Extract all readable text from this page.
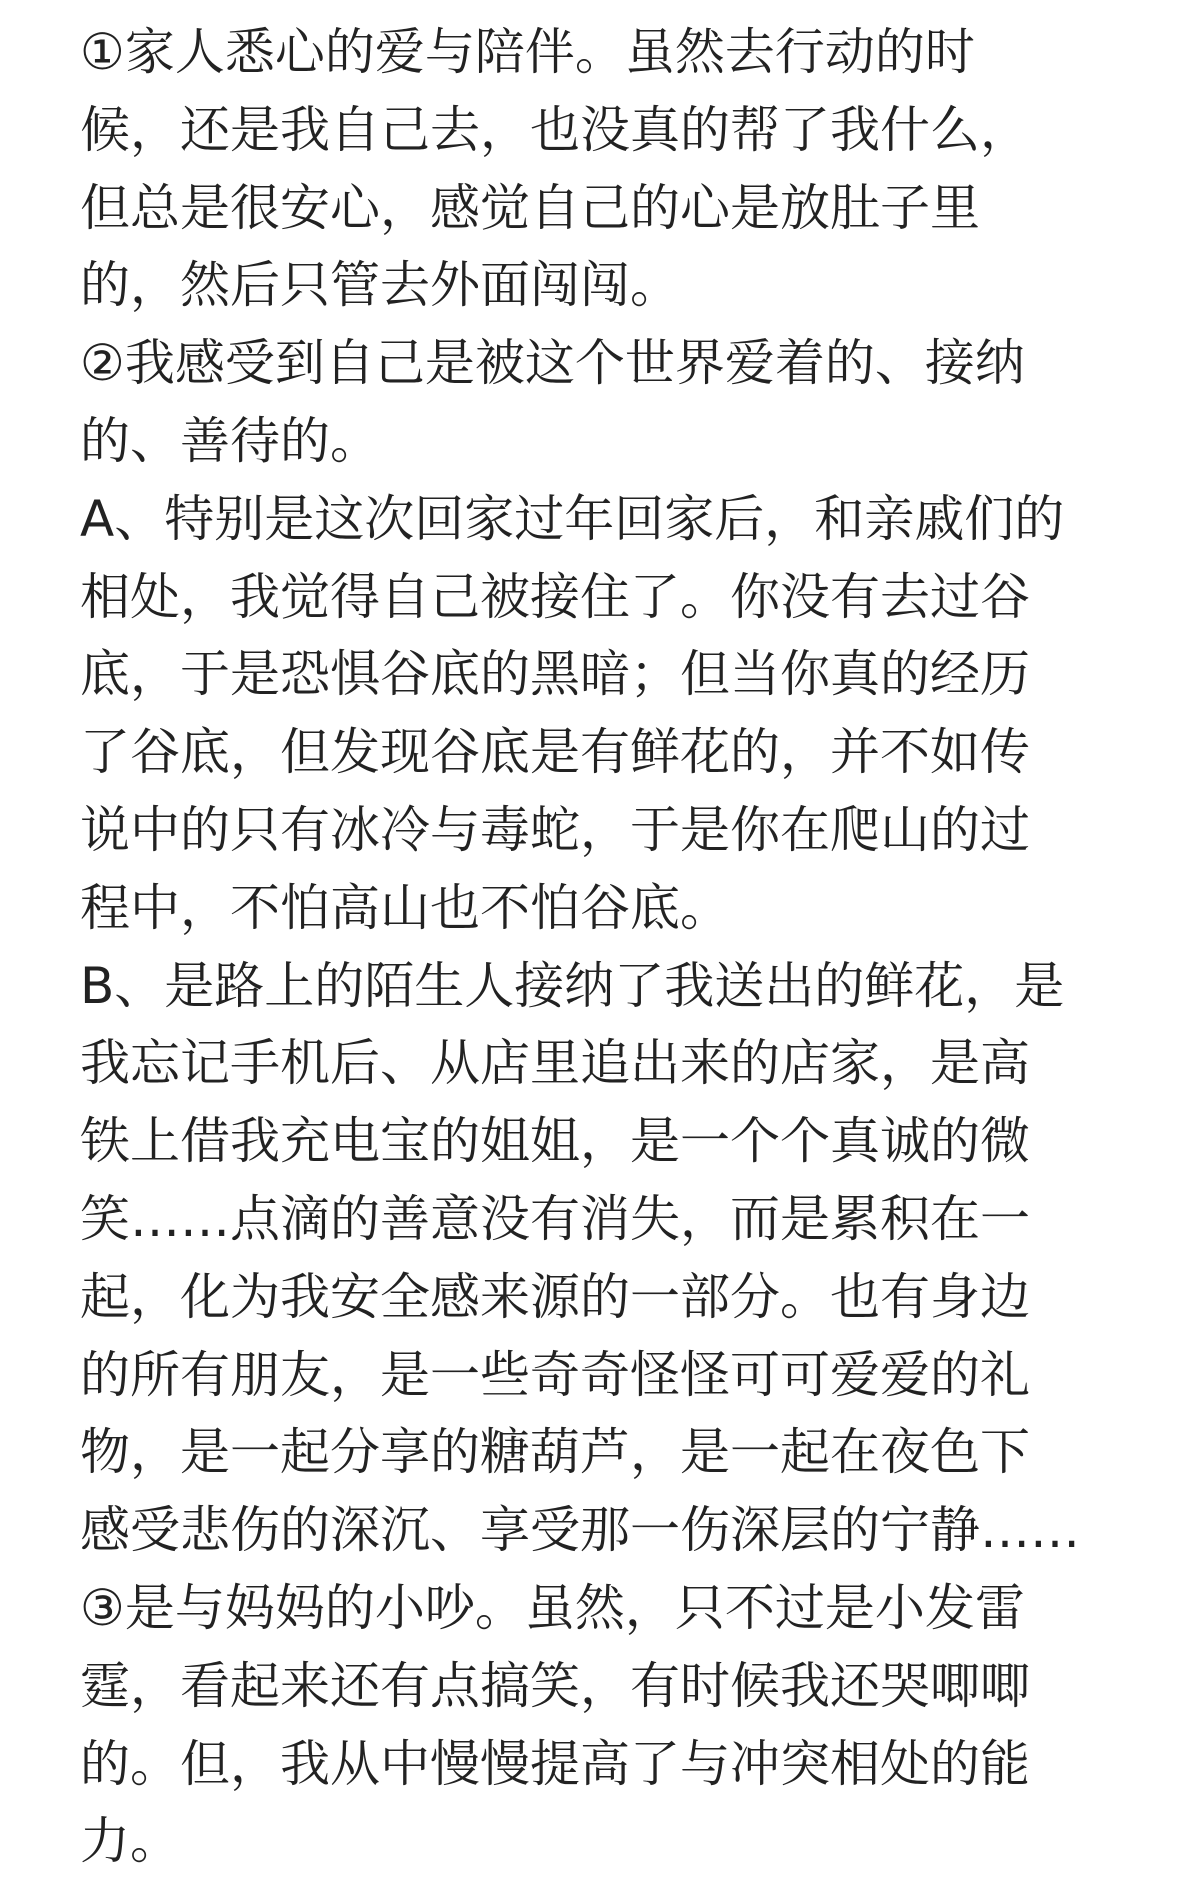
①家人悉心的爱与陪伴。虽然去行动的时
候，还是我自己去，也没真的帮了我什么，
但总是很安心，感觉自己的心是放肚子里
的，然后只管去外面闯闯。
②我感受到自己是被这个世界爱着的、接纳
的、善待的。
A、特别是这次回家过年回家后，和亲戚们的
相处，我觉得自己被接住了。你没有去过谷
底，于是恐惧谷底的黑暗；但当你真的经历
了谷底，但发现谷底是有鲜花的，并不如传
说中的只有冰冷与毒蛇，于是你在爬山的过
程中，不怕高山也不怕谷底。
B、是路上的陌生人接纳了我送出的鲜花，是
我忘记手机后、从店里追出来的店家，是高
铁上借我充电宝的姐姐，是一个个真诚的微
笑……点滴的善意没有消失，而是累积在一
起，化为我安全感来源的一部分。也有身边
的所有朋友，是一些奇奇怪怪可可爱爱的礼
物，是一起分享的糖葫芦，是一起在夜色下
感受悲伤的深沉、享受那一伤深层的宁静……
③是与妈妈的小吵。虽然，只不过是小发雷
霆，看起来还有点搞笑，有时候我还哭唧唧
的。但，我从中慢慢提高了与冲突相处的能
力。
